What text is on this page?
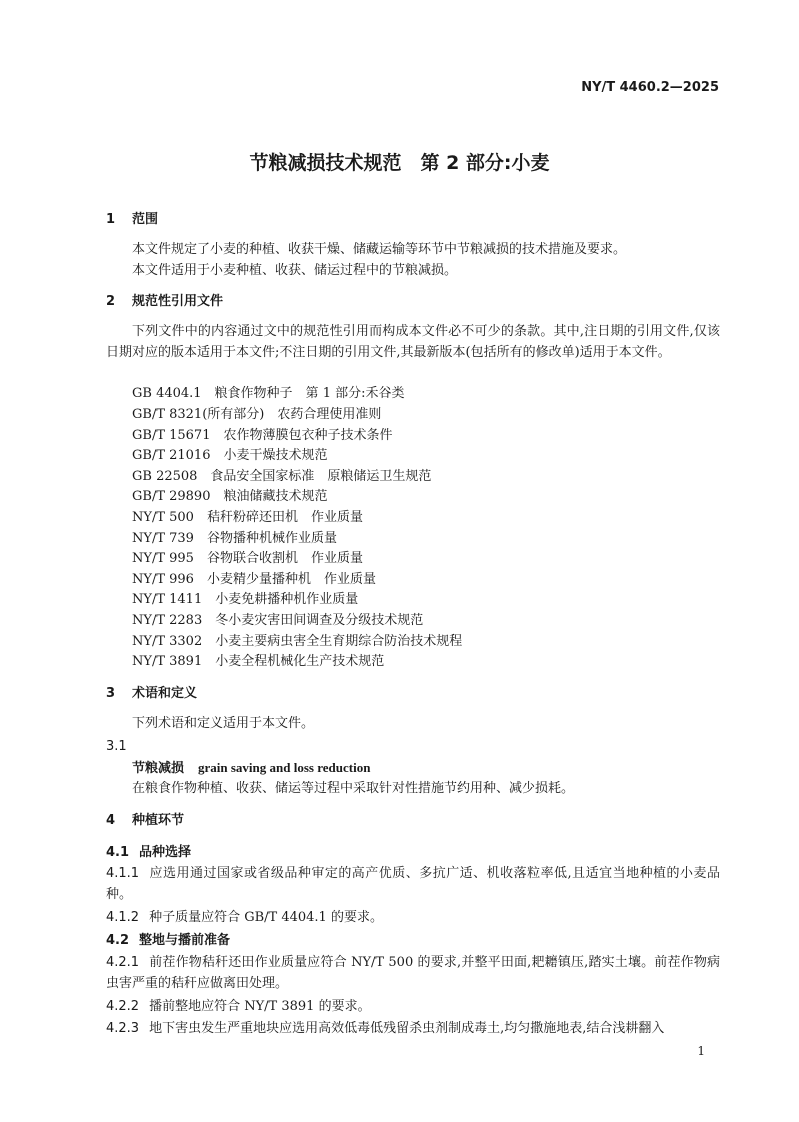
NY/T 4460.2—2025
节粮减损技术规范　第 2 部分:小麦
1 范围
本文件规定了小麦的种植、收获干燥、储藏运输等环节中节粮减损的技术措施及要求。
本文件适用于小麦种植、收获、储运过程中的节粮减损。
2 规范性引用文件
下列文件中的内容通过文中的规范性引用而构成本文件必不可少的条款。其中,注日期的引用文件,仅该日期对应的版本适用于本文件;不注日期的引用文件,其最新版本(包括所有的修改单)适用于本文件。
GB 4404.1　粮食作物种子　第 1 部分:禾谷类
GB/T 8321(所有部分)　农药合理使用准则
GB/T 15671　农作物薄膜包衣种子技术条件
GB/T 21016　小麦干燥技术规范
GB 22508　食品安全国家标准　原粮储运卫生规范
GB/T 29890　粮油储藏技术规范
NY/T 500　秸秆粉碎还田机　作业质量
NY/T 739　谷物播种机械作业质量
NY/T 995　谷物联合收割机　作业质量
NY/T 996　小麦精少量播种机　作业质量
NY/T 1411　小麦免耕播种机作业质量
NY/T 2283　冬小麦灾害田间调查及分级技术规范
NY/T 3302　小麦主要病虫害全生育期综合防治技术规程
NY/T 3891　小麦全程机械化生产技术规范
3 术语和定义
下列术语和定义适用于本文件。
3.1
节粮减损 grain saving and loss reduction
在粮食作物种植、收获、储运等过程中采取针对性措施节约用种、减少损耗。
4 种植环节
4.1 品种选择
4.1.1 应选用通过国家或省级品种审定的高产优质、多抗广适、机收落粒率低,且适宜当地种植的小麦品种。
4.1.2 种子质量应符合 GB/T 4404.1 的要求。
4.2 整地与播前准备
4.2.1 前茬作物秸秆还田作业质量应符合 NY/T 500 的要求,并整平田面,耙耱镇压,踏实土壤。前茬作物病虫害严重的秸秆应做离田处理。
4.2.2 播前整地应符合 NY/T 3891 的要求。
4.2.3 地下害虫发生严重地块应选用高效低毒低残留杀虫剂制成毒土,均匀撒施地表,结合浅耕翻入
1
